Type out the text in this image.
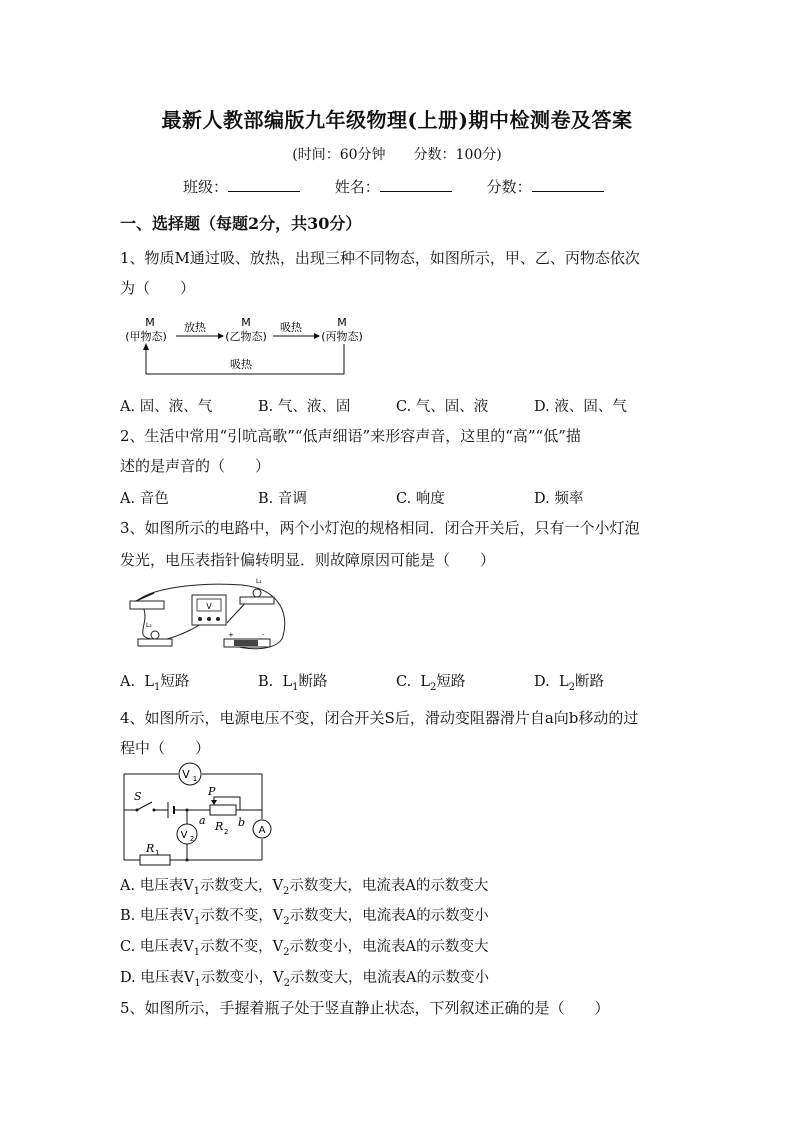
最新人教部编版九年级物理(上册)期中检测卷及答案
(时间：60分钟　　分数：100分)
班级：	姓名：	分数：
一、选择题（每题2分，共30分）
1、物质M通过吸、放热，出现三种不同物态，如图所示，甲、乙、丙物态依次
为（　　）
M
(甲物态)
M
(乙物态)
M
(丙物态)
放热	吸热
吸热
A. 固、液、气	B. 气、液、固	C. 气、固、液	D. 液、固、气
2、生活中常用“引吭高歌”“低声细语”来形容声音，这里的“高”“低”描
述的是声音的（　　）
A. 音色	B. 音调	C. 响度	D. 频率
3、如图所示的电路中，两个小灯泡的规格相同．闭合开关后，只有一个小灯泡
发光，电压表指针偏转明显．则故障原因可能是（　　）
V
L₁
L₂
+	-
A. $L_1$短路	B. $L_1$断路	C. $L_2$短路	D. $L_2$断路
4、如图所示，电源电压不变，闭合开关S后，滑动变阻器滑片自a向b移动的过
程中（　　）
V 1
S	P
a	b
R 2
V 2
A
R 1
A. 电压表$V_1$示数变大，$V_2$示数变大，电流表A的示数变大
B. 电压表$V_1$示数不变，$V_2$示数变大，电流表A的示数变小
C. 电压表$V_1$示数不变，$V_2$示数变小，电流表A的示数变大
D. 电压表$V_1$示数变小，$V_2$示数变大，电流表A的示数变小
5、如图所示，手握着瓶子处于竖直静止状态，下列叙述正确的是（　　）
